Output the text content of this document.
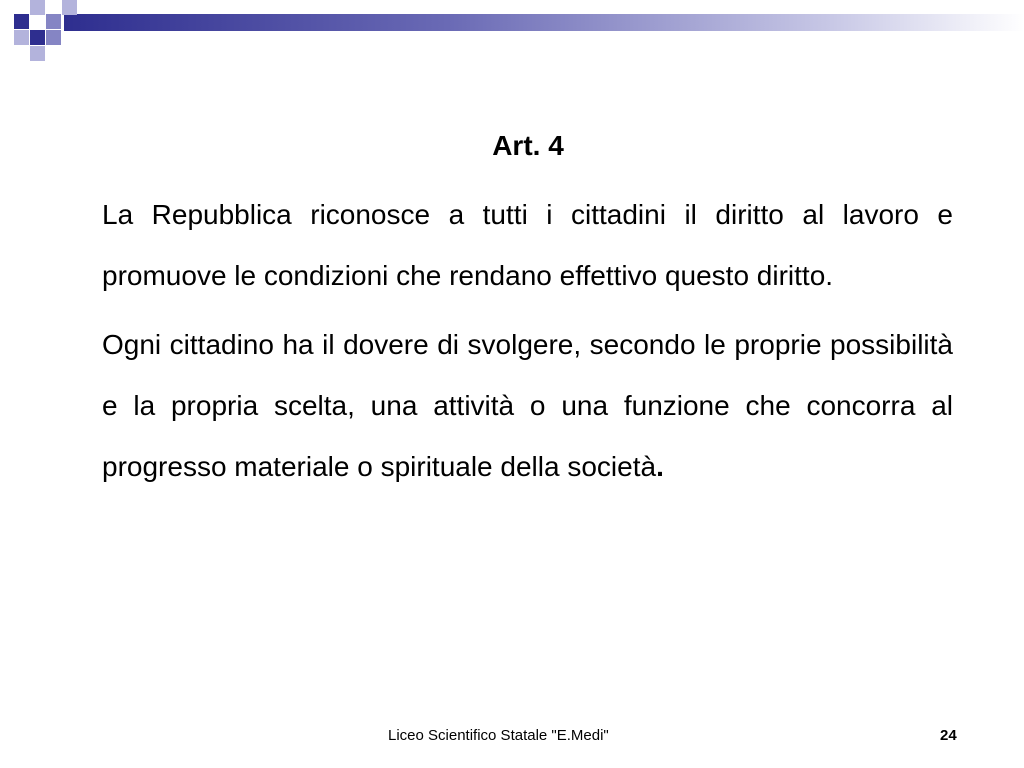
Art. 4

La Repubblica riconosce a tutti i cittadini il diritto al lavoro e promuove le condizioni che rendano effettivo questo diritto.

Ogni cittadino ha il dovere di svolgere, secondo le proprie possibilità e la propria scelta, una attività o una funzione che concorra al progresso materiale o spirituale della società.

Liceo Scientifico Statale "E.Medi"	24
